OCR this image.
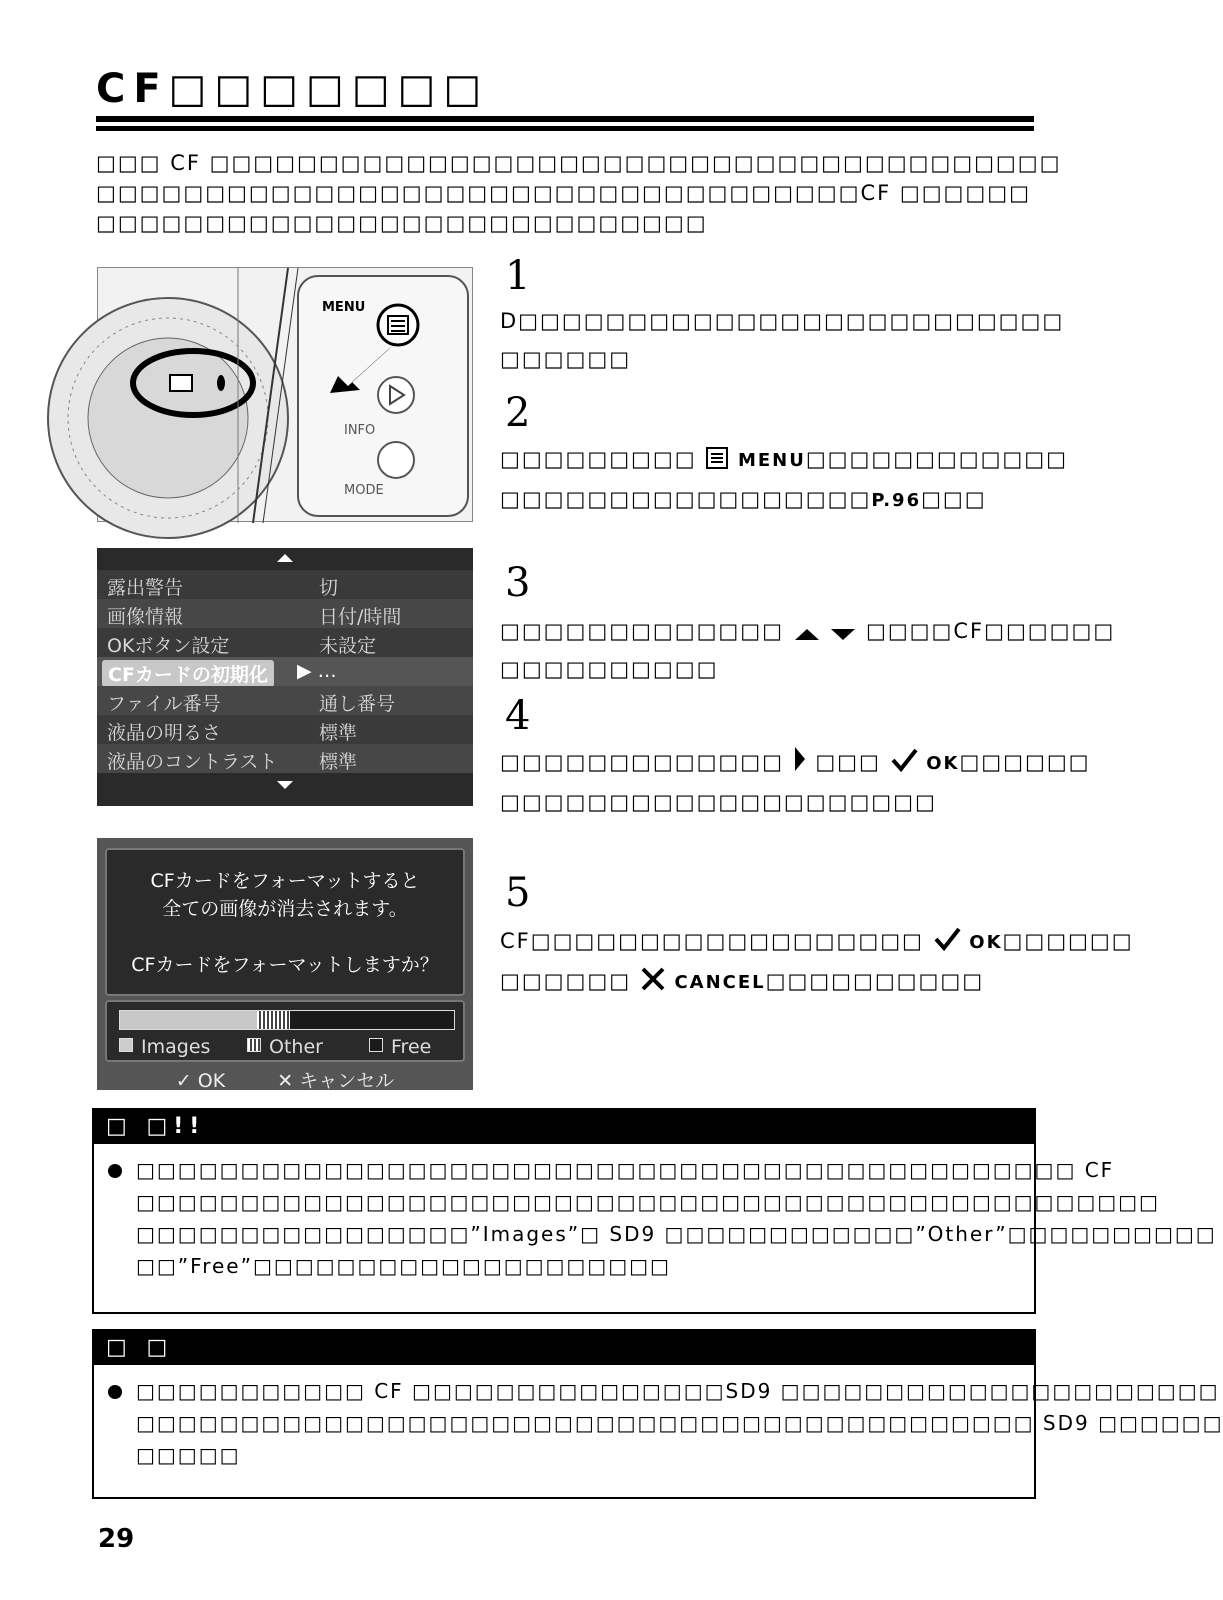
CF□□□□□□□

□□□ CF □□□□□□□□□□□□□□□□□□□□□□□□□□□□□□□□□□□□□□□

□□□□□□□□□□□□□□□□□□□□□□□□□□□□□□□□□□□CF □□□□□□

□□□□□□□□□□□□□□□□□□□□□□□□□□□□

MENU
INFO
MODE
露出警告	切
画像情報	日付/時間
OKボタン設定	未設定
CFカードの初期化	▶ …
ファイル番号	通し番号
液晶の明るさ	標準
液晶のコントラスト 標準
CFカードをフォーマットすると
全ての画像が消去されます。
CFカードをフォーマットしますか？
Images	Other	Free
✓ OK	✕ キャンセル
1

D□□□□□□□□□□□□□□□□□□□□□□□□□

□□□□□□

2

□□□□□□□□□ MENU□□□□□□□□□□□□

□□□□□□□□□□□□□□□□□P.96□□□

3

□□□□□□□□□□□□□	□□□□CF□□□□□□

□□□□□□□□□□

4

□□□□□□□□□□□□□ □□□	OK□□□□□□

□□□□□□□□□□□□□□□□□□□□

5

CF□□□□□□□□□□□□□□□□□□	OK□□□□□□

□□□□□□ CANCEL□□□□□□□□□□

□ □!!

□□□□□□□□□□□□□□□□□□□□□□□□□□□□□□□□□□□□□□□□□□□□□ CF

□□□□□□□□□□□□□□□□□□□□□□□□□□□□□□□□□□□□□□□□□□□□□□□□□

□□□□□□□□□□□□□□□□”Images”□ SD9 □□□□□□□□□□□□”Other”□□□□□□□□□□

□□”Free”□□□□□□□□□□□□□□□□□□□□

□ □

□□□□□□□□□□□ CF □□□□□□□□□□□□□□□SD9 □□□□□□□□□□□□□□□□□□□□□

□□□□□□□□□□□□□□□□□□□□□□□□□□□□□□□□□□□□□□□□□□□ SD9 □□□□□□

□□□□□

29
